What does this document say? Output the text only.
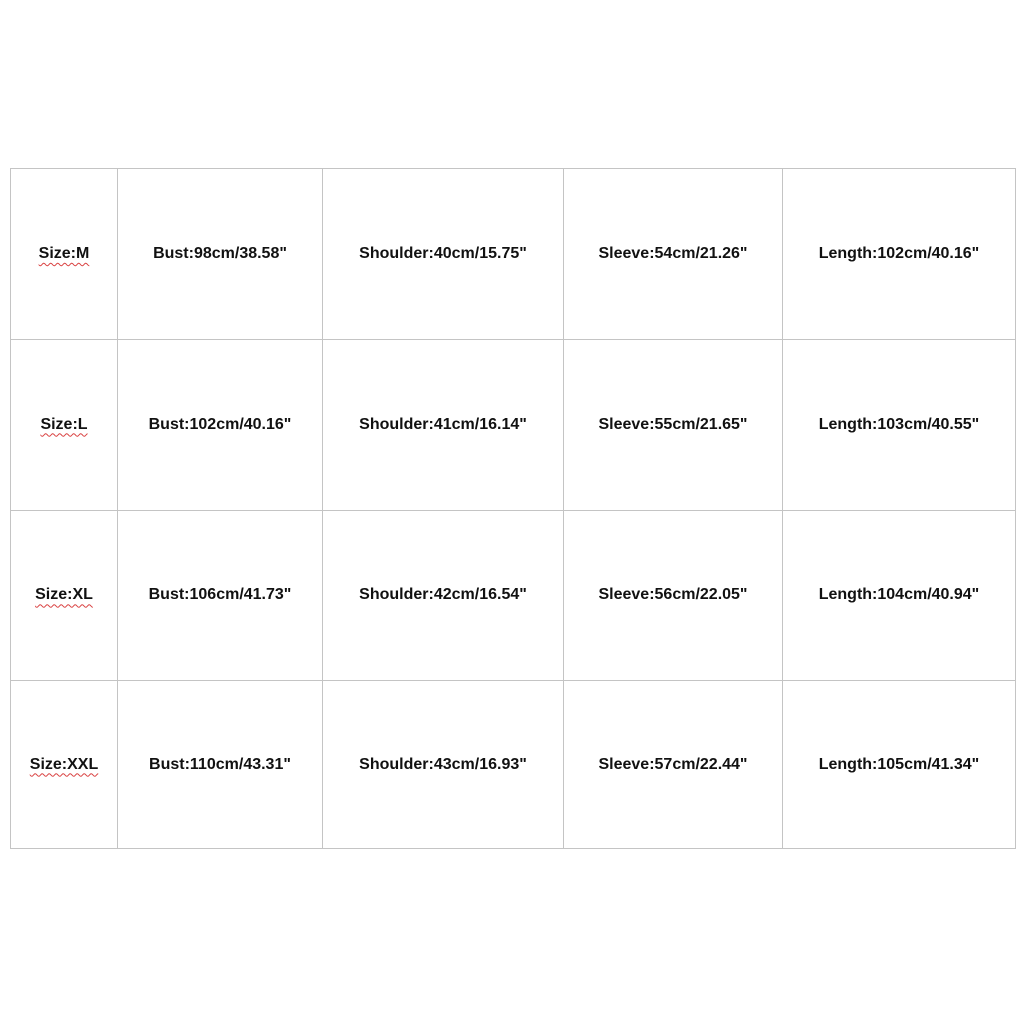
Size:M	Bust:98cm/38.58"	Shoulder:40cm/15.75"	Sleeve:54cm/21.26"	Length:102cm/40.16"
Size:L	Bust:102cm/40.16"	Shoulder:41cm/16.14"	Sleeve:55cm/21.65"	Length:103cm/40.55"
Size:XL	Bust:106cm/41.73"	Shoulder:42cm/16.54"	Sleeve:56cm/22.05"	Length:104cm/40.94"
Size:XXL	Bust:110cm/43.31"	Shoulder:43cm/16.93"	Sleeve:57cm/22.44"	Length:105cm/41.34"
